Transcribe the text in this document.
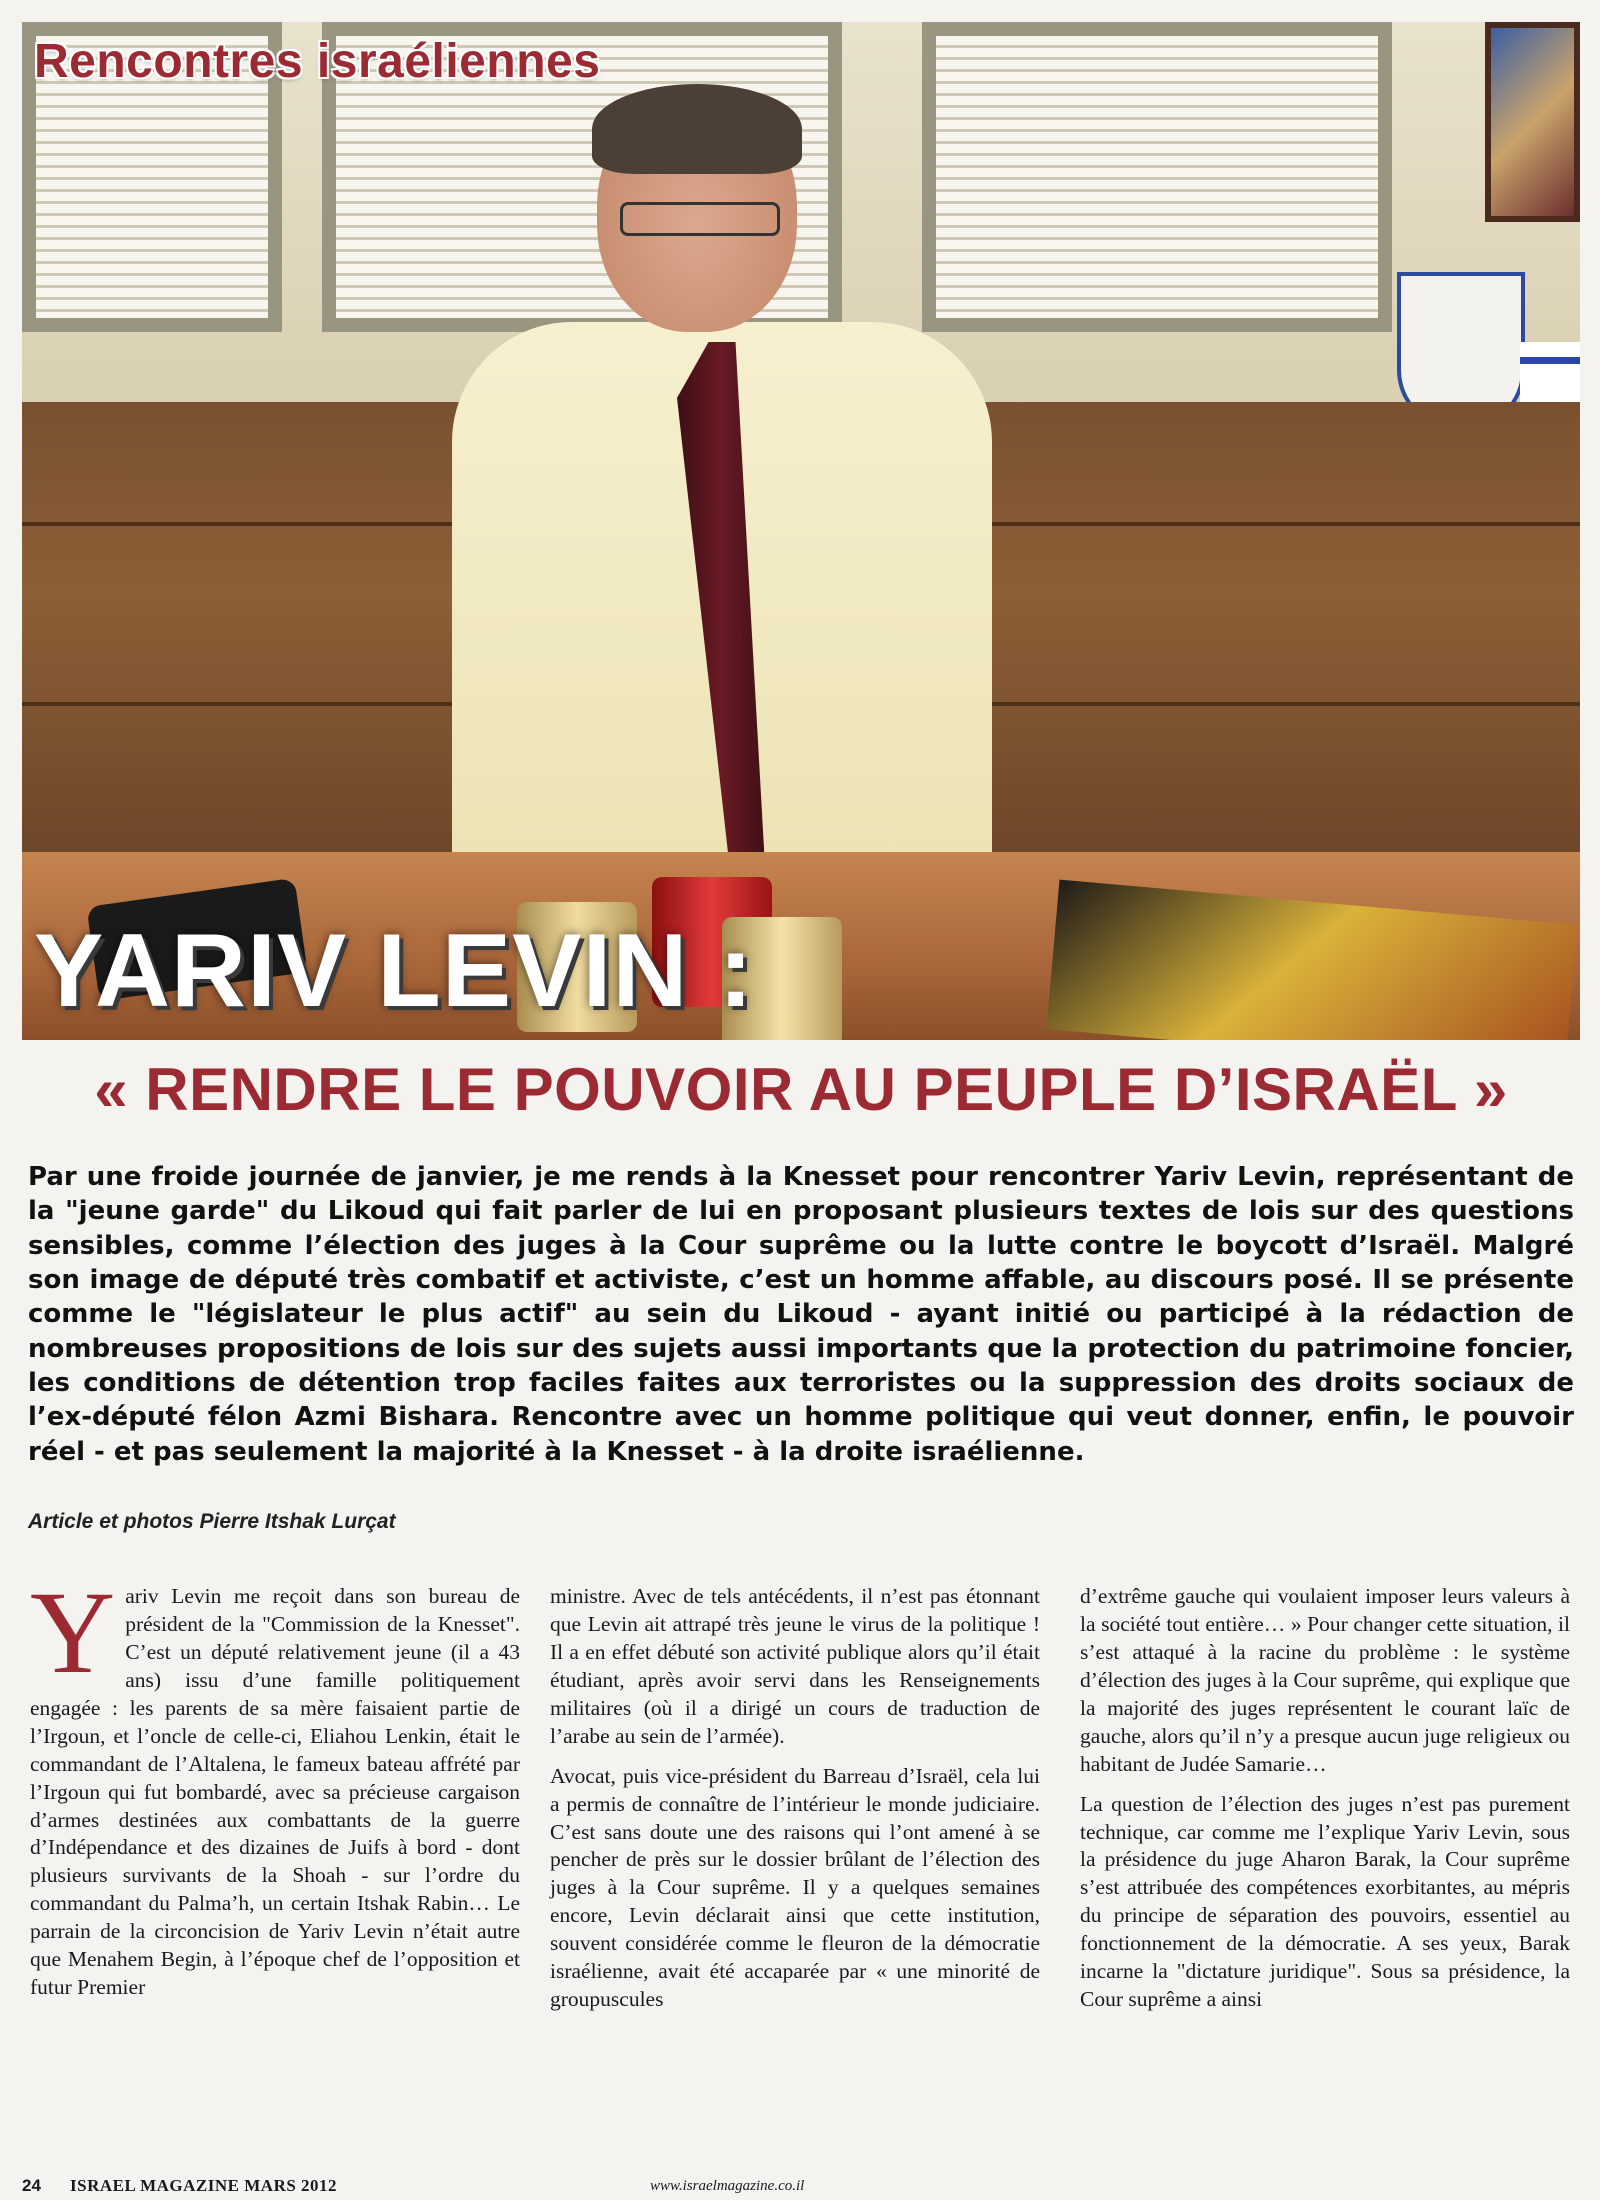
Rencontres israéliennes
YARIV LEVIN :
« RENDRE LE POUVOIR AU PEUPLE D’ISRAËL »

Par une froide journée de janvier, je me rends à la Knesset pour rencontrer Yariv Levin, représentant de la "jeune garde" du Likoud qui fait parler de lui en proposant plusieurs textes de lois sur des questions sensibles, comme l’élection des juges à la Cour suprême ou la lutte contre le boycott d’Israël. Malgré son image de député très combatif et activiste, c’est un homme affable, au discours posé. Il se présente comme le "législateur le plus actif" au sein du Likoud - ayant initié ou participé à la rédaction de nombreuses propositions de lois sur des sujets aussi importants que la protection du patrimoine foncier, les conditions de détention trop faciles faites aux terroristes ou la suppression des droits sociaux de l’ex-député félon Azmi Bishara. Rencontre avec un homme politique qui veut donner, enfin, le pouvoir réel - et pas seulement la majorité à la Knesset - à la droite israélienne.

Article et photos Pierre Itshak Lurçat

Yariv Levin me reçoit dans son bureau de président de la "Commission de la Knesset". C’est un député relativement jeune (il a 43 ans) issu d’une famille politiquement engagée : les parents de sa mère faisaient partie de l’Irgoun, et l’oncle de celle-ci, Eliahou Lenkin, était le commandant de l’Altalena, le fameux bateau affrété par l’Irgoun qui fut bombardé, avec sa précieuse cargaison d’armes destinées aux combattants de la guerre d’Indépendance et des dizaines de Juifs à bord - dont plusieurs survivants de la Shoah - sur l’ordre du commandant du Palma’h, un certain Itshak Rabin… Le parrain de la circoncision de Yariv Levin n’était autre que Menahem Begin, à l’époque chef de l’opposition et futur Premier

ministre. Avec de tels antécédents, il n’est pas étonnant que Levin ait attrapé très jeune le virus de la politique ! Il a en effet débuté son activité publique alors qu’il était étudiant, après avoir servi dans les Renseignements militaires (où il a dirigé un cours de traduction de l’arabe au sein de l’armée).

Avocat, puis vice-président du Barreau d’Israël, cela lui a permis de connaître de l’intérieur le monde judiciaire. C’est sans doute une des raisons qui l’ont amené à se pencher de près sur le dossier brûlant de l’élection des juges à la Cour suprême. Il y a quelques semaines encore, Levin déclarait ainsi que cette institution, souvent considérée comme le fleuron de la démocratie israélienne, avait été accaparée par « une minorité de groupuscules

d’extrême gauche qui voulaient imposer leurs valeurs à la société tout entière… » Pour changer cette situation, il s’est attaqué à la racine du problème : le système d’élection des juges à la Cour suprême, qui explique que la majorité des juges représentent le courant laïc de gauche, alors qu’il n’y a presque aucun juge religieux ou habitant de Judée Samarie…

La question de l’élection des juges n’est pas purement technique, car comme me l’explique Yariv Levin, sous la présidence du juge Aharon Barak, la Cour suprême s’est attribuée des compétences exorbitantes, au mépris du principe de séparation des pouvoirs, essentiel au fonctionnement de la démocratie. A ses yeux, Barak incarne la "dictature juridique". Sous sa présidence, la Cour suprême a ainsi

24 ISRAEL MAGAZINE MARS 2012	www.israelmagazine.co.il
